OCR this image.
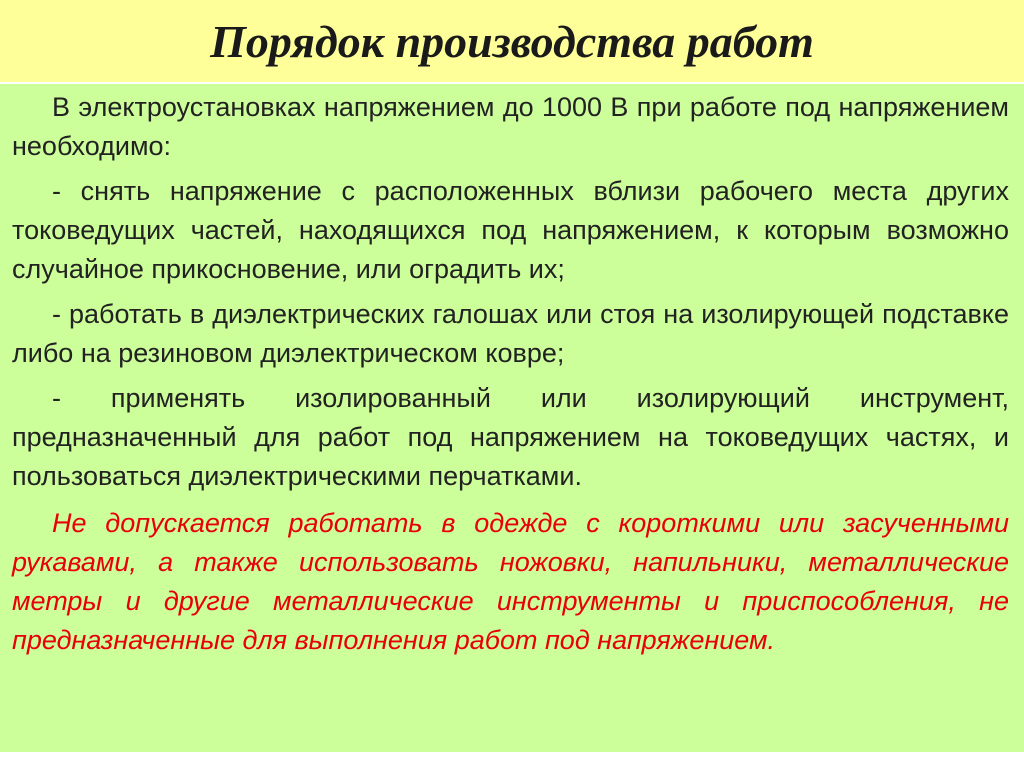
Порядок производства работ

В электроустановках напряжением до 1000 В при работе под напряжением необходимо:

- снять напряжение с расположенных вблизи рабочего места других токоведущих частей, находящихся под напряжением, к которым возможно случайное прикосновение, или оградить их;

- работать в диэлектрических галошах или стоя на изолирующей подставке либо на резиновом диэлектрическом ковре;

- применять изолированный или изолирующий инструмент, предназначенный для работ под напряжением на токоведущих частях, и пользоваться диэлектрическими перчатками.

Не допускается работать в одежде с короткими или засученными рукавами, а также использовать ножовки, напильники, металлические метры и другие металлические инструменты и приспособления, не предназначенные для выполнения работ под напряжением.
